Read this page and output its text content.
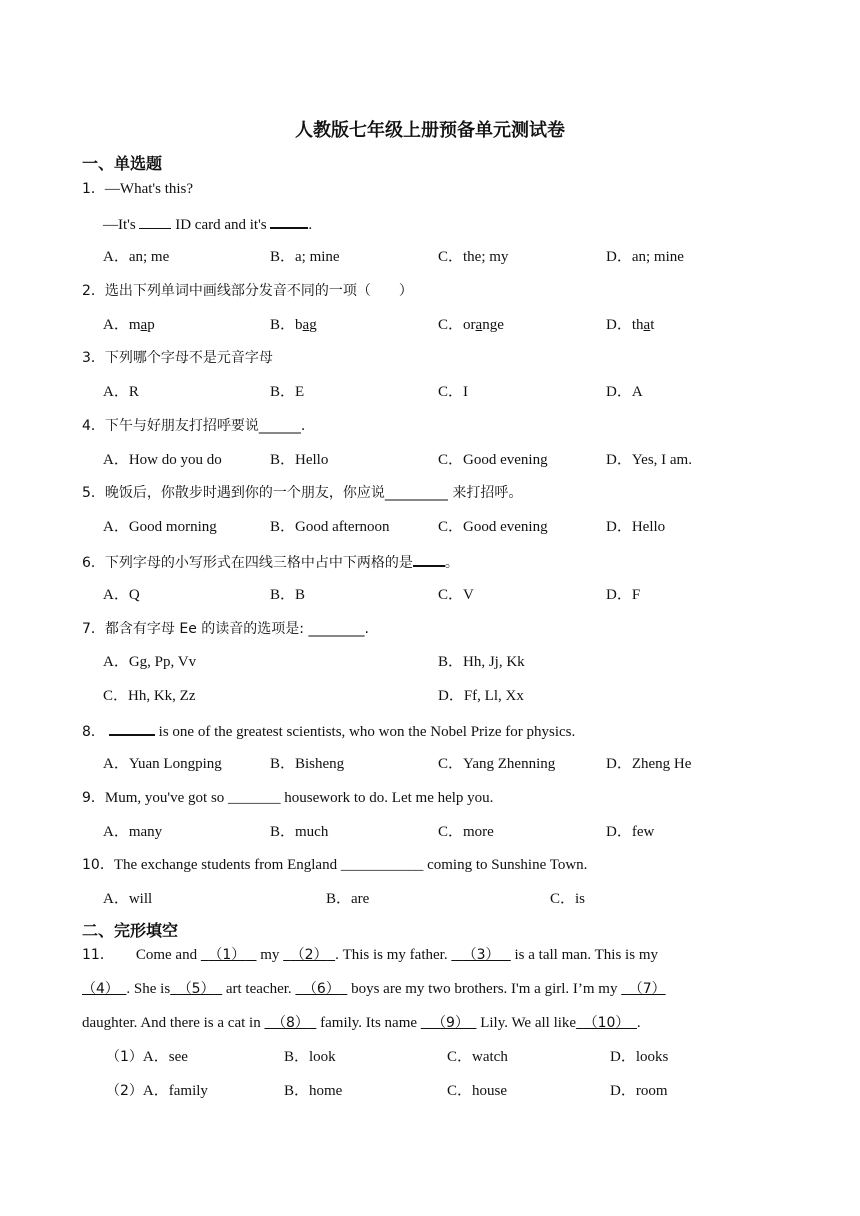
人教版七年级上册预备单元测试卷
一、单选题
1．—What's this?
—It's  ID card and it's	.
A．an; me	B．a; mine	C．the; my	D．an; mine
2．选出下列单词中画线部分发音不同的一项（　　）
A．map	B．bag	C．orange	D．that
3．下列哪个字母不是元音字母
A．R	B．E	C．I	D．A
4．下午与好朋友打招呼要说______.
A．How do you do	B．Hello	C．Good evening	D．Yes, I am.
5．晚饭后，你散步时遇到你的一个朋友，你应说_________ 来打招呼。
A．Good morning	B．Good afternoon	C．Good evening	D．Hello
6．下列字母的小写形式在四线三格中占中下两格的是 。
A．Q	B．B	C．V	D．F
7．都含有字母 Ee 的读音的选项是: ________.
A．Gg, Pp, Vv	B．Hh, Jj, Kk
C．Hh, Kk, Zz	D．Ff, Ll, Xx
8．	is one of the greatest scientists, who won the Nobel Prize for physics.
A．Yuan Longping	B．Bisheng	C．Yang Zhenning	D．Zheng He
9．Mum, you've got so _______ housework to do. Let me help you.
A．many	B．much	C．more	D．few
10．The exchange students from England ___________ coming to Sunshine Town.
A．will	B．are	C．is
二、完形填空
11． Come and   （1）    my   （2） . This is my father.    （3）    is a tall man. This is my
（4） . She is （5）   art teacher.   （6）   boys are my two brothers. I'm a girl. I’m my   （7）
daughter. And there is a cat in   （8）   family. Its name    （9）   Lily. We all like （10） .
（1）A．see	B．look	C．watch	D．looks
（2）A．family	B．home	C．house	D．room
